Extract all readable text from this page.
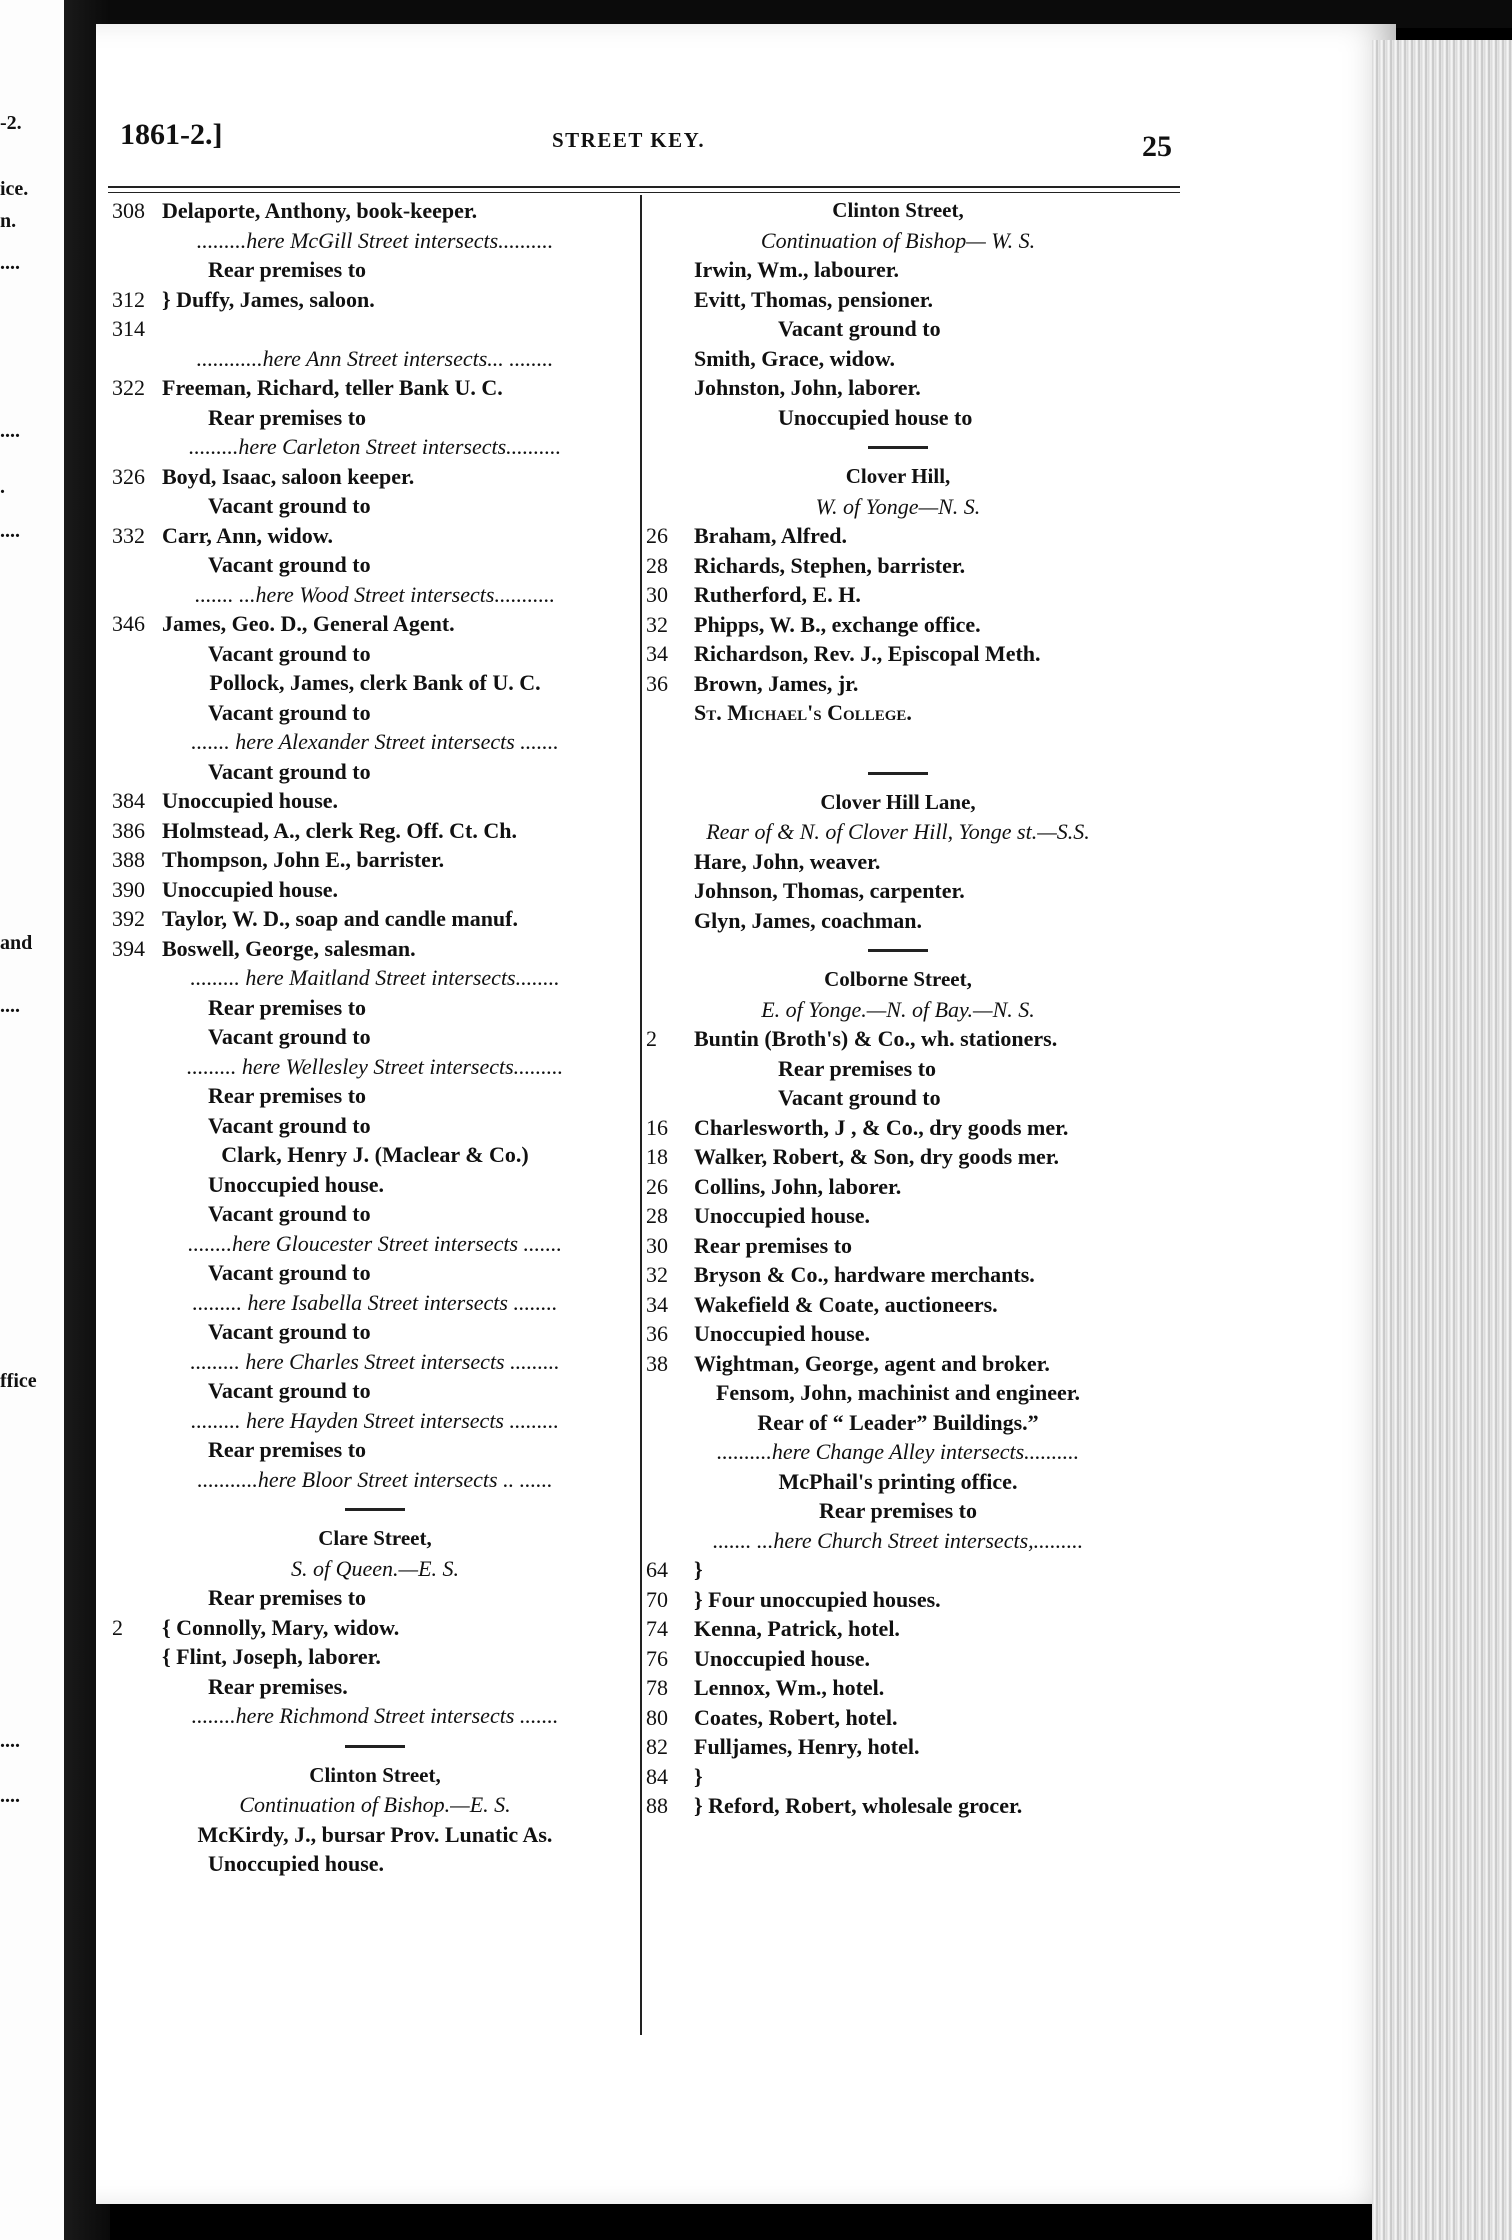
-2.
ice.
n.
....
....
.
....
and
....
ffice
....
....
1861-2.]	STREET KEY.	25
308 Delaporte, Anthony, book-keeper.
.........here McGill Street intersects..........
Rear premises to
312 } Duffy, James, saloon.
314
............here Ann Street intersects... ........
322 Freeman, Richard, teller Bank U. C.
Rear premises to
.........here Carleton Street intersects..........
326 Boyd, Isaac, saloon keeper.
Vacant ground to
332 Carr, Ann, widow.
Vacant ground to
....... ...here Wood Street intersects...........
346 James, Geo. D., General Agent.
Vacant ground to
Pollock, James, clerk Bank of U. C.
Vacant ground to
....... here Alexander Street intersects .......
Vacant ground to
384 Unoccupied house.
386 Holmstead, A., clerk Reg. Off. Ct. Ch.
388 Thompson, John E., barrister.
390 Unoccupied house.
392 Taylor, W. D., soap and candle manuf.
394 Boswell, George, salesman.
......... here Maitland Street intersects........
Rear premises to
Vacant ground to
......... here Wellesley Street intersects.........
Rear premises to
Vacant ground to
Clark, Henry J. (Maclear & Co.)
Unoccupied house.
Vacant ground to
........here Gloucester Street intersects .......
Vacant ground to
......... here Isabella Street intersects ........
Vacant ground to
......... here Charles Street intersects .........
Vacant ground to
......... here Hayden Street intersects .........
Rear premises to
...........here Bloor Street intersects .. ......
Clare Street,
S. of Queen.—E. S.
Rear premises to
2	{ Connolly, Mary, widow.
{ Flint, Joseph, laborer.
Rear premises.
........here Richmond Street intersects .......
Clinton Street,
Continuation of Bishop.—E. S.
McKirdy, J., bursar Prov. Lunatic As.
Unoccupied house.
Clinton Street,
Continuation of Bishop— W. S.
Irwin, Wm., labourer.
Evitt, Thomas, pensioner.
Vacant ground to
Smith, Grace, widow.
Johnston, John, laborer.
Unoccupied house to
Clover Hill,
W. of Yonge—N. S.
26	Braham, Alfred.
28	Richards, Stephen, barrister.
30	Rutherford, E. H.
32	Phipps, W. B., exchange office.
34	Richardson, Rev. J., Episcopal Meth.
36	Brown, James, jr.
St. Michael's College.
Clover Hill Lane,
Rear of & N. of Clover Hill, Yonge st.—S.S.
Hare, John, weaver.
Johnson, Thomas, carpenter.
Glyn, James, coachman.
Colborne Street,
E. of Yonge.—N. of Bay.—N. S.
2	Buntin (Broth's) & Co., wh. stationers.
Rear premises to
Vacant ground to
16	Charlesworth, J , & Co., dry goods mer.
18	Walker, Robert, & Son, dry goods mer.
26	Collins, John, laborer.
28	Unoccupied house.
30	Rear premises to
32	Bryson & Co., hardware merchants.
34	Wakefield & Coate, auctioneers.
36	Unoccupied house.
38	Wightman, George, agent and broker.
Fensom, John, machinist and engineer.
Rear of “ Leader” Buildings.”
..........here Change Alley intersects..........
McPhail's printing office.
Rear premises to
....... ...here Church Street intersects,.........
64	}
70	} Four unoccupied houses.
74	Kenna, Patrick, hotel.
76	Unoccupied house.
78	Lennox, Wm., hotel.
80	Coates, Robert, hotel.
82	Fulljames, Henry, hotel.
84	}
88	} Reford, Robert, wholesale grocer.
